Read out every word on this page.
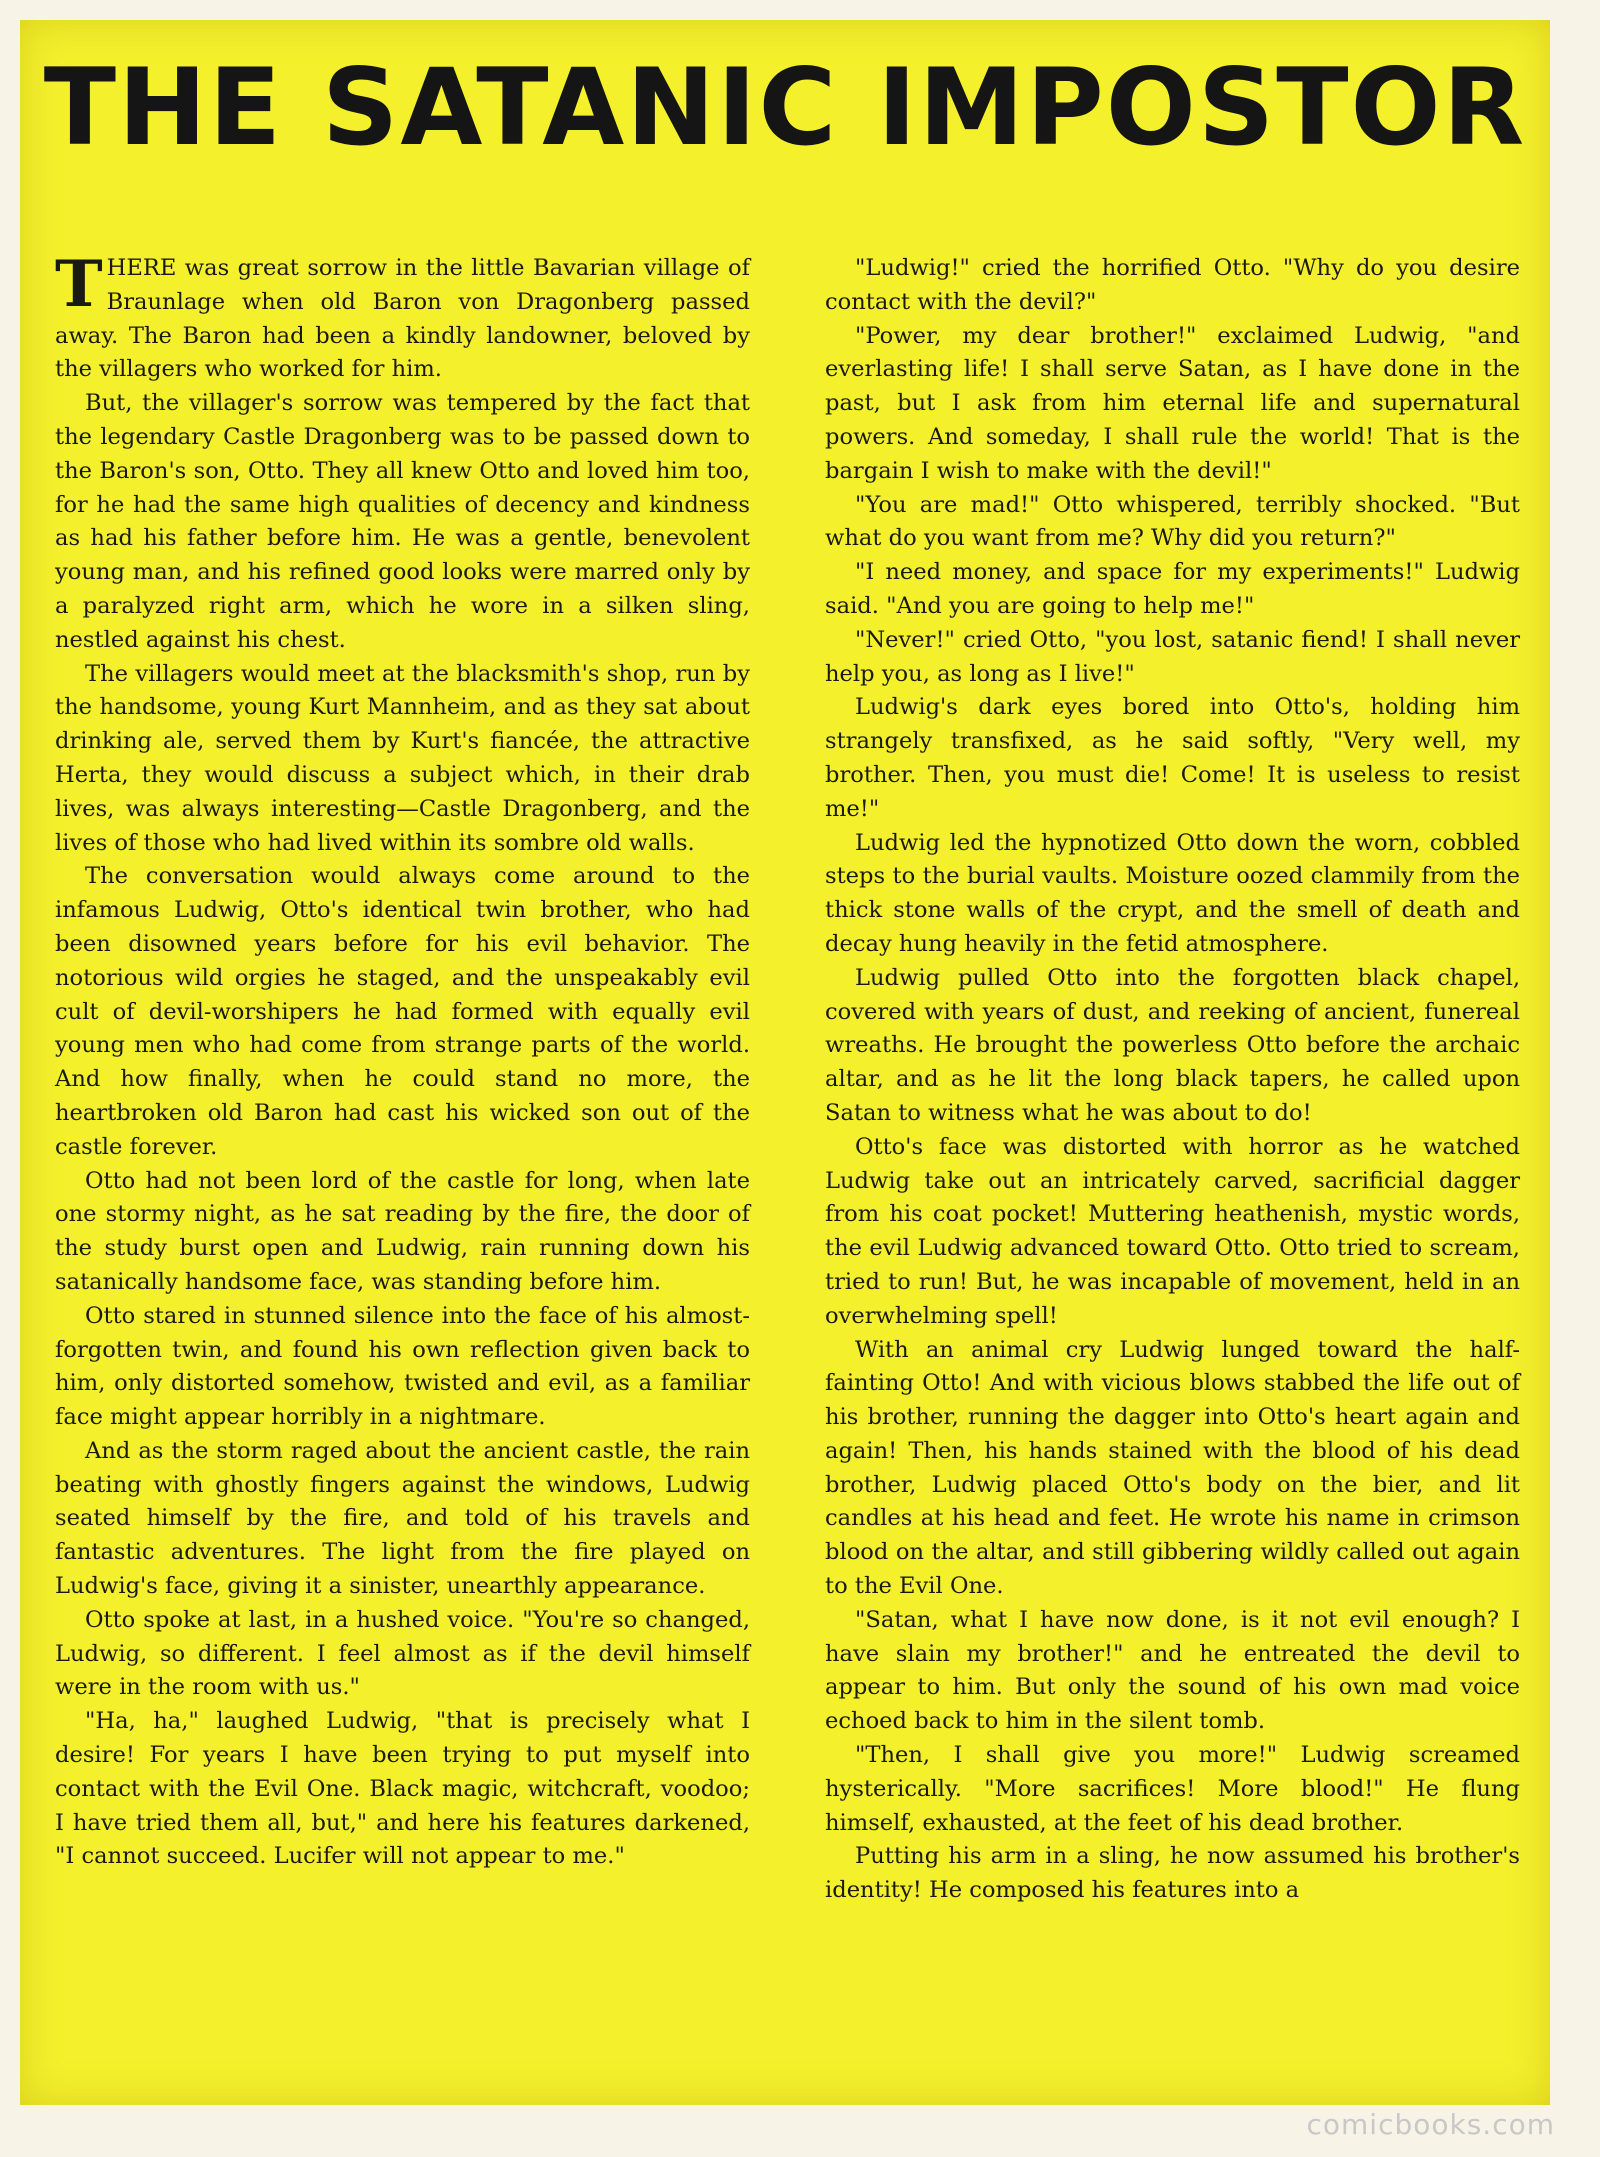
THE SATANIC IMPOSTOR

THERE was great sorrow in the little Bavarian village of Braunlage when old Baron von Dragonberg passed away. The Baron had been a kindly landowner, beloved by the villagers who worked for him.

But, the villager's sorrow was tempered by the fact that the legendary Castle Dragonberg was to be passed down to the Baron's son, Otto. They all knew Otto and loved him too, for he had the same high qualities of decency and kindness as had his father before him. He was a gentle, benevolent young man, and his refined good looks were marred only by a paralyzed right arm, which he wore in a silken sling, nestled against his chest.

The villagers would meet at the blacksmith's shop, run by the handsome, young Kurt Mannheim, and as they sat about drinking ale, served them by Kurt's fiancée, the attractive Herta, they would discuss a subject which, in their drab lives, was always interesting—Castle Dragonberg, and the lives of those who had lived within its sombre old walls.

The conversation would always come around to the infamous Ludwig, Otto's identical twin brother, who had been disowned years before for his evil behavior. The notorious wild orgies he staged, and the unspeakably evil cult of devil-worshipers he had formed with equally evil young men who had come from strange parts of the world. And how finally, when he could stand no more, the heartbroken old Baron had cast his wicked son out of the castle forever.

Otto had not been lord of the castle for long, when late one stormy night, as he sat reading by the fire, the door of the study burst open and Ludwig, rain running down his satanically handsome face, was standing before him.

Otto stared in stunned silence into the face of his almost-forgotten twin, and found his own reflection given back to him, only distorted somehow, twisted and evil, as a familiar face might appear horribly in a nightmare.

And as the storm raged about the ancient castle, the rain beating with ghostly fingers against the windows, Ludwig seated himself by the fire, and told of his travels and fantastic adventures. The light from the fire played on Ludwig's face, giving it a sinister, unearthly appearance.

Otto spoke at last, in a hushed voice. "You're so changed, Ludwig, so different. I feel almost as if the devil himself were in the room with us."

"Ha, ha," laughed Ludwig, "that is precisely what I desire! For years I have been trying to put myself into contact with the Evil One. Black magic, witchcraft, voodoo; I have tried them all, but," and here his features darkened, "I cannot succeed. Lucifer will not appear to me."

"Ludwig!" cried the horrified Otto. "Why do you desire contact with the devil?"

"Power, my dear brother!" exclaimed Ludwig, "and everlasting life! I shall serve Satan, as I have done in the past, but I ask from him eternal life and supernatural powers. And someday, I shall rule the world! That is the bargain I wish to make with the devil!"

"You are mad!" Otto whispered, terribly shocked. "But what do you want from me? Why did you return?"

"I need money, and space for my experiments!" Ludwig said. "And you are going to help me!"

"Never!" cried Otto, "you lost, satanic fiend! I shall never help you, as long as I live!"

Ludwig's dark eyes bored into Otto's, holding him strangely transfixed, as he said softly, "Very well, my brother. Then, you must die! Come! It is useless to resist me!"

Ludwig led the hypnotized Otto down the worn, cobbled steps to the burial vaults. Moisture oozed clammily from the thick stone walls of the crypt, and the smell of death and decay hung heavily in the fetid atmosphere.

Ludwig pulled Otto into the forgotten black chapel, covered with years of dust, and reeking of ancient, funereal wreaths. He brought the powerless Otto before the archaic altar, and as he lit the long black tapers, he called upon Satan to witness what he was about to do!

Otto's face was distorted with horror as he watched Ludwig take out an intricately carved, sacrificial dagger from his coat pocket! Muttering heathenish, mystic words, the evil Ludwig advanced toward Otto. Otto tried to scream, tried to run! But, he was incapable of movement, held in an overwhelming spell!

With an animal cry Ludwig lunged toward the half-fainting Otto! And with vicious blows stabbed the life out of his brother, running the dagger into Otto's heart again and again! Then, his hands stained with the blood of his dead brother, Ludwig placed Otto's body on the bier, and lit candles at his head and feet. He wrote his name in crimson blood on the altar, and still gibbering wildly called out again to the Evil One.

"Satan, what I have now done, is it not evil enough? I have slain my brother!" and he entreated the devil to appear to him. But only the sound of his own mad voice echoed back to him in the silent tomb.

"Then, I shall give you more!" Ludwig screamed hysterically. "More sacrifices! More blood!" He flung himself, exhausted, at the feet of his dead brother.

Putting his arm in a sling, he now assumed his brother's identity! He composed his features into a

comicbooks.com
